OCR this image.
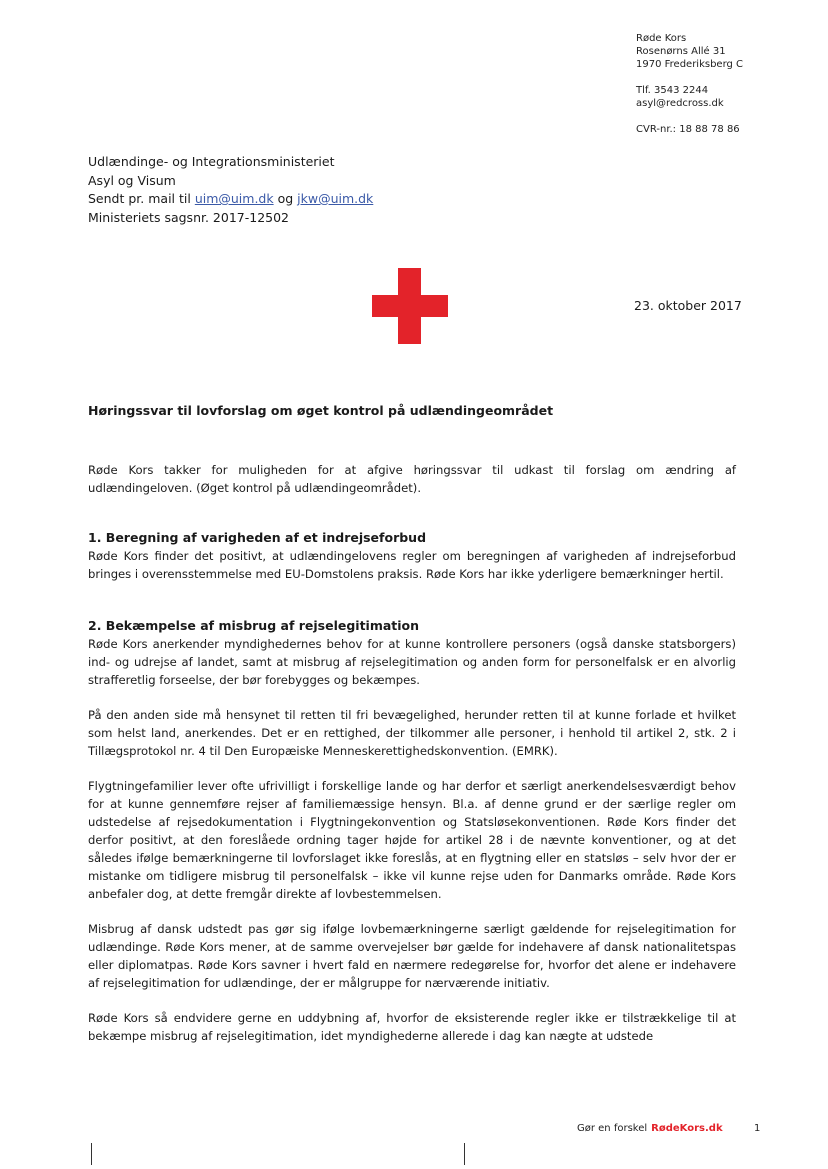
Røde Kors
Rosenørns Allé 31
1970 Frederiksberg C
Tlf. 3543 2244
asyl@redcross.dk
CVR-nr.: 18 88 78 86
Udlændinge- og Integrationsministeriet
Asyl og Visum
Sendt pr. mail til uim@uim.dk og jkw@uim.dk
Ministeriets sagsnr. 2017-12502
23. oktober 2017
Høringssvar til lovforslag om øget kontrol på udlændingeområdet

Røde Kors takker for muligheden for at afgive høringssvar til udkast til forslag om ændring af udlændingeloven. (Øget kontrol på udlændingeområdet).

1. Beregning af varigheden af et indrejseforbud

Røde Kors finder det positivt, at udlændingelovens regler om beregningen af varigheden af indrejseforbud bringes i overensstemmelse med EU-Domstolens praksis. Røde Kors har ikke yderligere bemærkninger hertil.

2. Bekæmpelse af misbrug af rejselegitimation

Røde Kors anerkender myndighedernes behov for at kunne kontrollere personers (også danske statsborgers) ind- og udrejse af landet, samt at misbrug af rejselegitimation og anden form for personelfalsk er en alvorlig strafferetlig forseelse, der bør forebygges og bekæmpes.

På den anden side må hensynet til retten til fri bevægelighed, herunder retten til at kunne forlade et hvilket som helst land, anerkendes. Det er en rettighed, der tilkommer alle personer, i henhold til artikel 2, stk. 2 i Tillægsprotokol nr. 4 til Den Europæiske Menneskerettighedskonvention. (EMRK).

Flygtningefamilier lever ofte ufrivilligt i forskellige lande og har derfor et særligt anerkendelsesværdigt behov for at kunne gennemføre rejser af familiemæssige hensyn. Bl.a. af denne grund er der særlige regler om udstedelse af rejsedokumentation i Flygtningekonvention og Statsløsekonventionen. Røde Kors finder det derfor positivt, at den foreslåede ordning tager højde for artikel 28 i de nævnte konventioner, og at det således ifølge bemærkningerne til lovforslaget ikke foreslås, at en flygtning eller en statsløs – selv hvor der er mistanke om tidligere misbrug til personelfalsk – ikke vil kunne rejse uden for Danmarks område. Røde Kors anbefaler dog, at dette fremgår direkte af lovbestemmelsen.

Misbrug af dansk udstedt pas gør sig ifølge lovbemærkningerne særligt gældende for rejselegitimation for udlændinge. Røde Kors mener, at de samme overvejelser bør gælde for indehavere af dansk nationalitetspas eller diplomatpas. Røde Kors savner i hvert fald en nærmere redegørelse for, hvorfor det alene er indehavere af rejselegitimation for udlændinge, der er målgruppe for nærværende initiativ.

Røde Kors så endvidere gerne en uddybning af, hvorfor de eksisterende regler ikke er tilstrækkelige til at bekæmpe misbrug af rejselegitimation, idet myndighederne allerede i dag kan nægte at udstede

Gør en forskel RødeKors.dk	1
